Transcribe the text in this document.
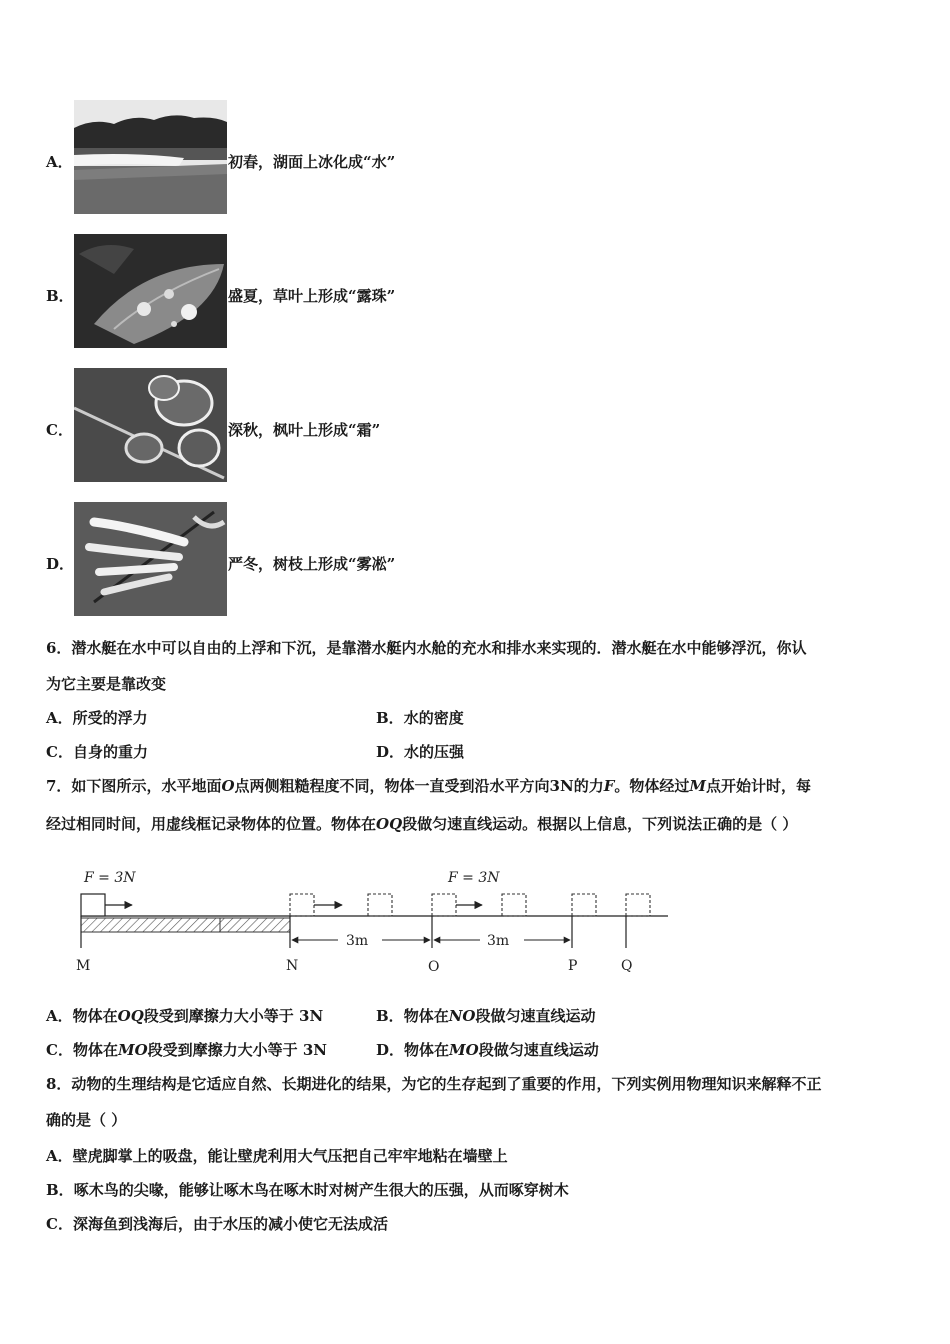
A．	初春，湖面上冰化成“水”
B．	盛夏，草叶上形成“露珠”
C．	深秋，枫叶上形成“霜”
D．	严冬，树枝上形成“雾凇”
6．潜水艇在水中可以自由的上浮和下沉，是靠潜水艇内水舱的充水和排水来实现的．潜水艇在水中能够浮沉，你认
为它主要是靠改变
A．所受的浮力	B．水的密度
C．自身的重力	D．水的压强
7．如下图所示，水平地面O点两侧粗糙程度不同，物体一直受到沿水平方向3N的力F。物体经过M点开始计时，每
经过相同时间，用虚线框记录物体的位置。物体在OQ段做匀速直线运动。根据以上信息，下列说法正确的是（ ）
F = 3N	F = 3N
3m	3m
M	N	O	P	Q
A．物体在OQ段受到摩擦力大小等于 3N	B．物体在NO段做匀速直线运动
C．物体在MO段受到摩擦力大小等于 3N	D．物体在MO段做匀速直线运动
8．动物的生理结构是它适应自然、长期进化的结果，为它的生存起到了重要的作用，下列实例用物理知识来解释不正
确的是（ ）
A．壁虎脚掌上的吸盘，能让壁虎利用大气压把自己牢牢地粘在墙壁上
B．啄木鸟的尖喙，能够让啄木鸟在啄木时对树产生很大的压强，从而啄穿树木
C．深海鱼到浅海后，由于水压的减小使它无法成活
